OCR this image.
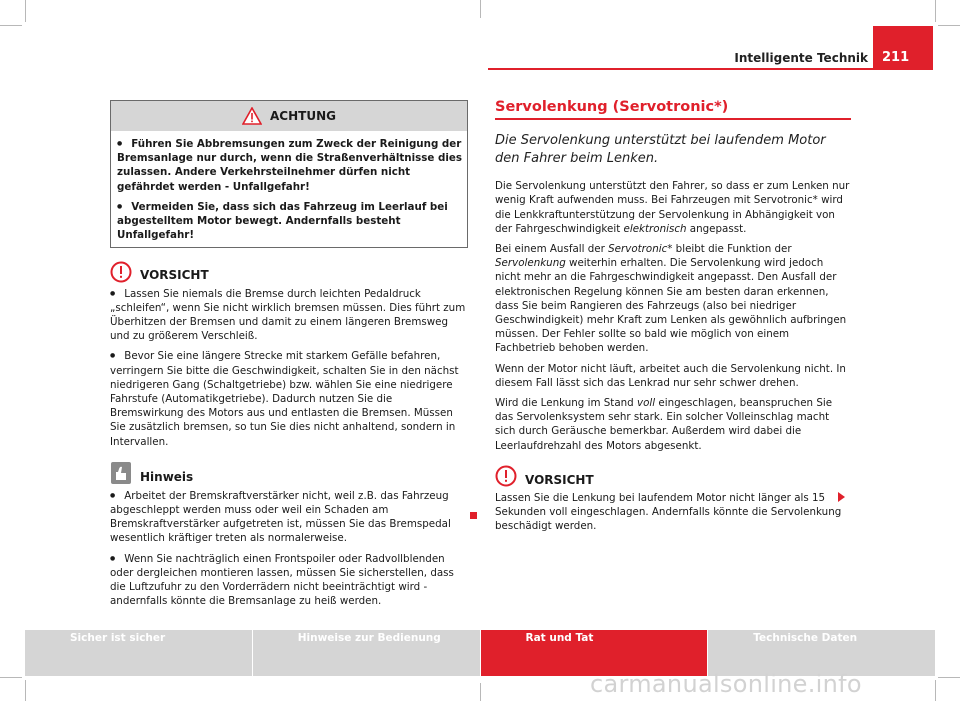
Intelligente Technik	211
ACHTUNG

● Führen Sie Abbremsungen zum Zweck der Reinigung der Bremsanlage nur durch, wenn die Straßenverhältnisse dies zulassen. Andere Verkehrsteilnehmer dürfen nicht gefährdet werden - Unfallgefahr!

● Vermeiden Sie, dass sich das Fahrzeug im Leerlauf bei abgestelltem Motor bewegt. Andernfalls besteht Unfallgefahr!

VORSICHT

● Lassen Sie niemals die Bremse durch leichten Pedaldruck „schleifen“, wenn Sie nicht wirklich bremsen müssen. Dies führt zum Überhitzen der Bremsen und damit zu einem längeren Bremsweg und zu größerem Verschleiß.

● Bevor Sie eine längere Strecke mit starkem Gefälle befahren, verringern Sie bitte die Geschwindigkeit, schalten Sie in den nächst niedrigeren Gang (Schaltgetriebe) bzw. wählen Sie eine niedrigere Fahrstufe (Automatikgetriebe). Dadurch nutzen Sie die Bremswirkung des Motors aus und entlasten die Bremsen. Müssen Sie zusätzlich bremsen, so tun Sie dies nicht anhaltend, sondern in Intervallen.

Hinweis

● Arbeitet der Bremskraftverstärker nicht, weil z.B. das Fahrzeug abgeschleppt werden muss oder weil ein Schaden am Bremskraftverstärker aufgetreten ist, müssen Sie das Bremspedal wesentlich kräftiger treten als normalerweise.

● Wenn Sie nachträglich einen Frontspoiler oder Radvollblenden oder dergleichen montieren lassen, müssen Sie sicherstellen, dass die Luftzufuhr zu den Vorderrädern nicht beeinträchtigt wird - andernfalls könnte die Bremsanlage zu heiß werden.

Servolenkung (Servotronic*)
Die Servolenkung unterstützt bei laufendem Motor den Fahrer beim Lenken.

Die Servolenkung unterstützt den Fahrer, so dass er zum Lenken nur wenig Kraft aufwenden muss. Bei Fahrzeugen mit Servotronic* wird die Lenkkraftunterstützung der Servolenkung in Abhängigkeit von der Fahrgeschwindigkeit elektronisch angepasst.

Bei einem Ausfall der Servotronic* bleibt die Funktion der Servolenkung weiterhin erhalten. Die Servolenkung wird jedoch nicht mehr an die Fahrgeschwindigkeit angepasst. Den Ausfall der elektronischen Regelung können Sie am besten daran erkennen, dass Sie beim Rangieren des Fahrzeugs (also bei niedriger Geschwindigkeit) mehr Kraft zum Lenken als gewöhnlich aufbringen müssen. Der Fehler sollte so bald wie möglich von einem Fachbetrieb behoben werden.

Wenn der Motor nicht läuft, arbeitet auch die Servolenkung nicht. In diesem Fall lässt sich das Lenkrad nur sehr schwer drehen.

Wird die Lenkung im Stand voll eingeschlagen, beanspruchen Sie das Servolenksystem sehr stark. Ein solcher Volleinschlag macht sich durch Geräusche bemerkbar. Außerdem wird dabei die Leerlaufdrehzahl des Motors abgesenkt.

VORSICHT

Lassen Sie die Lenkung bei laufendem Motor nicht länger als 15 Sekunden voll eingeschlagen. Andernfalls könnte die Servolenkung beschädigt werden.

Sicher ist sicher	Hinweise zur Bedienung	Rat und Tat	Technische Daten
carmanualsonline.info
